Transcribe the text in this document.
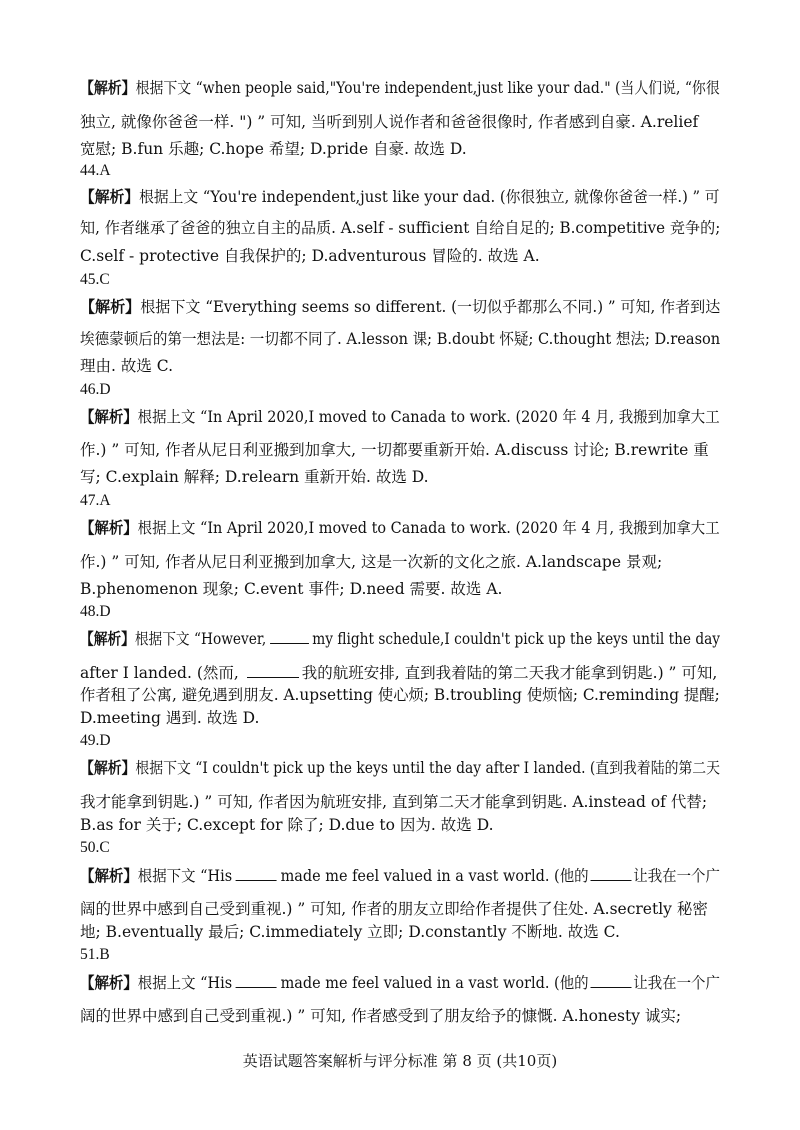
【解析】根据下文 “when people said,"You're independent,just like your dad." (当人们说, “你很
独立, 就像你爸爸一样. ") ” 可知, 当听到别人说作者和爸爸很像时, 作者感到自豪. A.relief
宽慰; B.fun 乐趣; C.hope 希望; D.pride 自豪. 故选 D.
44.A
【解析】根据上文 “You're independent,just like your dad. (你很独立, 就像你爸爸一样.) ” 可
知, 作者继承了爸爸的独立自主的品质. A.self - sufficient 自给自足的; B.competitive 竞争的;
C.self - protective 自我保护的; D.adventurous 冒险的. 故选 A.
45.C
【解析】根据下文 “Everything seems so different. (一切似乎都那么不同.) ” 可知, 作者到达
埃德蒙顿后的第一想法是: 一切都不同了. A.lesson 课; B.doubt 怀疑; C.thought 想法; D.reason
理由. 故选 C.
46.D
【解析】根据上文 “In April 2020,I moved to Canada to work. (2020 年 4 月, 我搬到加拿大工
作.) ” 可知, 作者从尼日利亚搬到加拿大, 一切都要重新开始. A.discuss 讨论; B.rewrite 重
写; C.explain 解释; D.relearn 重新开始. 故选 D.
47.A
【解析】根据上文 “In April 2020,I moved to Canada to work. (2020 年 4 月, 我搬到加拿大工
作.) ” 可知, 作者从尼日利亚搬到加拿大, 这是一次新的文化之旅. A.landscape 景观;
B.phenomenon 现象; C.event 事件; D.need 需要. 故选 A.
48.D
【解析】根据下文 “However,	my flight schedule,I couldn't pick up the keys until the day
after I landed. (然而,	我的航班安排, 直到我着陆的第二天我才能拿到钥匙.) ” 可知,
作者租了公寓, 避免遇到朋友. A.upsetting 使心烦; B.troubling 使烦恼; C.reminding 提醒;
D.meeting 遇到. 故选 D.
49.D
【解析】根据下文 “I couldn't pick up the keys until the day after I landed. (直到我着陆的第二天
我才能拿到钥匙.) ” 可知, 作者因为航班安排, 直到第二天才能拿到钥匙. A.instead of 代替;
B.as for 关于; C.except for 除了; D.due to 因为. 故选 D.
50.C
【解析】根据下文 “His	made me feel valued in a vast world. (他的	让我在一个广
阔的世界中感到自己受到重视.) ” 可知, 作者的朋友立即给作者提供了住处. A.secretly 秘密
地; B.eventually 最后; C.immediately 立即; D.constantly 不断地. 故选 C.
51.B
【解析】根据上文 “His	made me feel valued in a vast world. (他的	让我在一个广
阔的世界中感到自己受到重视.) ” 可知, 作者感受到了朋友给予的慷慨. A.honesty 诚实;
英语试题答案解析与评分标准 第 8 页 (共10页)
